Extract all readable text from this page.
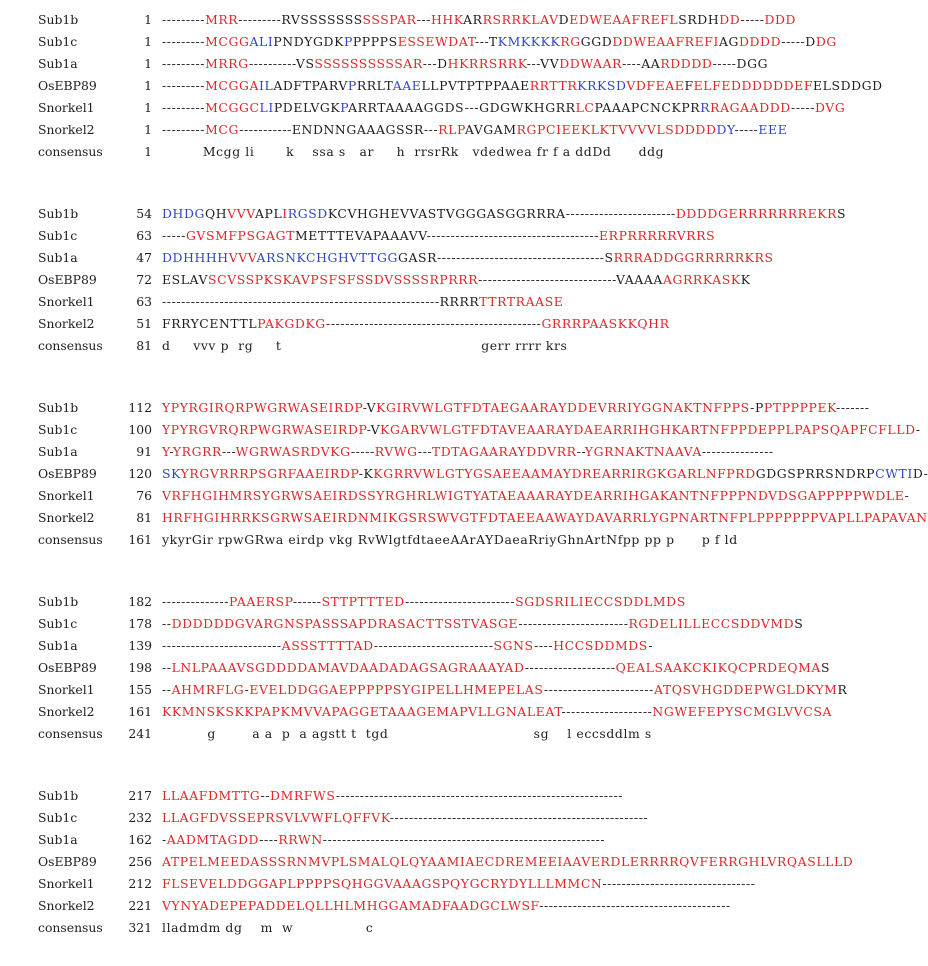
Sub1b	1 ---------MRR---------RVSSSSSSSSSSPAR---HHKARRSRRKLAVDEDWEAAFREFLSRDHDD-----DDD
Sub1c	1 ---------MCGGALIPNDYGDKPPPPPSESSEWDAT---TKMKKKKRGGGDDDWEAAFREFIAGDDDD-----DDG
Sub1a	1 ---------MRRG----------VSSSSSSSSSSSAR---DHKRRSRRK---VVDDWAAR----AARDDDD-----DGG
OsEBP89	1 ---------MCGGAILADFTPARVPRRLTAAELLPVTPTPPAAERRTTRKRKSDVDFEAEFELFEDDDDDDEFELSDDGD
Snorkel1	1 ---------MCGGCLIPDELVGKPARRTAAAAGGDS---GDGWKHGRRLCPAAAPCNCKPRRRAGAADDD-----DVG
Snorkel2	1 ---------MCG-----------ENDNNGAAAGSSR---RLPAVGAMRGPCIEEKLKTVVVVLSDDDDDY-----EEE
consensus	1 Mcgg li       k    ssa s   ar     h  rrsrRk   vdedwea fr f a ddDd      ddg
Sub1b	54 DHDGQHVVVAPLIRGSDKCVHGHEVVASTVGGGASGGRRRA-----------------------DDDDGERRRRRRREKRS
Sub1c	63 -----GVSMFPSGAGTMETTTEVAPAAAVV------------------------------------ERPRRRRRVRRS
Sub1a	47 DDHHHHVVVARSNKCHGHVTTGGGASR-----------------------------------SRRRADDGGRRRRRKRS
OsEBP89	72 ESLAVSCVSSPKSKAVPSFSFSSDVSSSSRPRRR-----------------------------VAAAAAGRRKASKK
Snorkel1	63 ----------------------------------------------------------RRRRTTRTRAASE
Snorkel2	51 FRRYCENTTLPAKGDKG---------------------------------------------GRRRPAASKKQHR
consensus	81 d     vvv p  rg     t                                            gerr rrrr krs
Sub1b	112 YPYRGIRQRPWGRWASEIRDP-VKGIRVWLGTFDTAEGAARAYDDEVRRIYGGNAKTNFPPS-PPTPPPPEK-------
Sub1c	100 YPYRGVRQRPWGRWASEIRDP-VKGARVWLGTFDTAVEAARAYDAEARRIHGHKARTNFPPDEPPLPAPSQAPFCFLLD-
Sub1a	91 Y-YRGRR---WGRWASRDVKG-----RVWG---TDTAGAARAYDDVRR--YGRNAKTNAAVA---------------
OsEBP89	120 SKYRGVRRRPSGRFAAEIRDP-KKGRRVWLGTYGSAEEAAMAYDREARRIRGKGARLNFPRDGDGSPRRSNDRPCWTID-
Snorkel1	76 VRFHGIHMRSYGRWSAEIRDSSYRGHRLWIGTYATAEAAARAYDEARRIHGAKANTNFPPPNDVDSGAPPPPPWDLE-
Snorkel2	81 HRFHGIHRRKSGRWSAEIRDNMIKGSRSWVGTFDTAEEAAWAYDAVARRLYGPNARTNFPLPPPPPPPVAPLLPAPAVAN
consensus	161 ykyrGir rpwGRwa eirdp vkg RvWlgtfdtaeeAArAYDaeaRriyGhnArtNfpp pp p      p f ld
Sub1b	182 --------------PAAERSP------STTPTTTED-----------------------SGDSRILIECCSDDLMDS
Sub1c	178 --DDDDDDGVARGNSPASSSAPDRASACTTSSTVASGE-----------------------RGDELILLECCSDDVMDS
Sub1a	139 -------------------------ASSSTTTTAD-------------------------SGNS----HCCSDDMDS-
OsEBP89	198 --LNLPAAAVSGDDDDAMAVDAADADAGSAGRAAAYAD-------------------QEALSAAKCKIKQCPRDEQMAS
Snorkel1	155 --AHMRFLG-EVELDDGGAEPPPPPSYGIPELLHMEPELAS-----------------------ATQSVHGDDEPWGLDKYMR
Snorkel2	161 KKMNSKSKKPAPKMVVAPAGGETAAAGEMAPVLLGNALEAT-------------------NGWEFEPYSCMGLVVCSA
consensus	241 g        a a  p  a agstt t  tgd                                sg    l eccsddlm s
Sub1b	217 LLAAFDMTTG--DMRFWS------------------------------------------------------------
Sub1c	232 LLAGFDVSSEPRSVLVWFLQFFVK------------------------------------------------------
Sub1a	162 -AADMTAGDD----RRWN-----------------------------------------------------------
OsEBP89	256 ATPELMEEDASSSRNMVPLSMALQLQYAAMIAECDREMEEIAAVERDLERRRRQVFERRGHLVRQASLLLD
Snorkel1	212 FLSEVELDDGGAPLPPPPSQHGGVAAAGSPQYGCRYDYLLLMMCN--------------------------------
Snorkel2	221 VYNYADEPEPADDELQLLHLMHGGAMADFAADGCLWSF----------------------------------------
consensus	321 lladmdm dg    m  w                c
